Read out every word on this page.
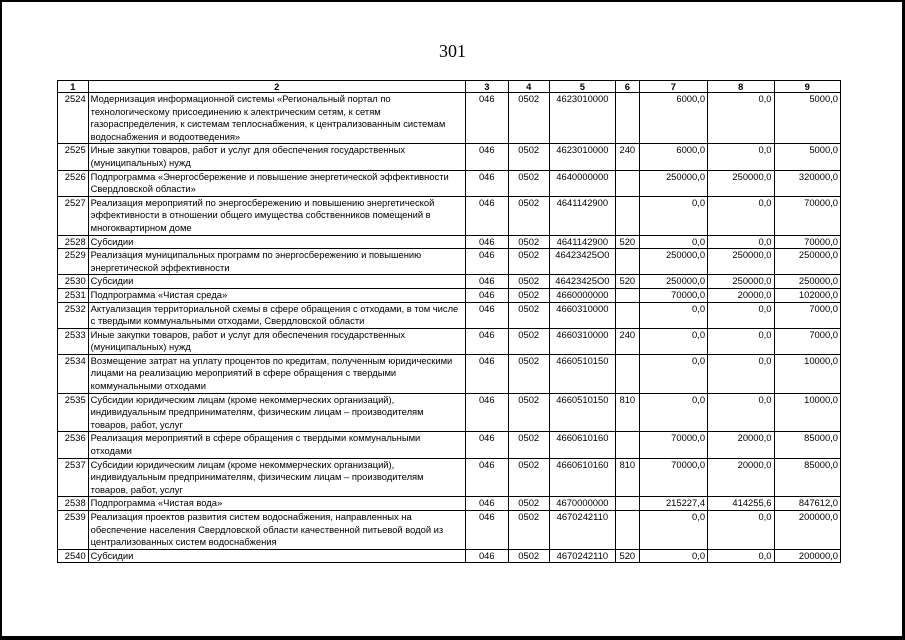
301
1	2	3	4	5	6	7	8	9
2524	Модернизация информационной системы «Региональный портал по технологическому присоединению к электрическим сетям, к сетям газораспределения, к системам теплоснабжения, к централизованным системам водоснабжения и водоотведения»	046	0502	4623010000		6000,0	0,0	5000,0
2525	Иные закупки товаров, работ и услуг для обеспечения государственных (муниципальных) нужд	046	0502	4623010000	240	6000,0	0,0	5000,0
2526	Подпрограмма «Энергосбережение и повышение энергетической эффективности Свердловской области»	046	0502	4640000000		250000,0	250000,0	320000,0
2527	Реализация мероприятий по энергосбережению и повышению энергетической эффективности в отношении общего имущества собственников помещений в многоквартирном доме	046	0502	4641142900		0,0	0,0	70000,0
2528	Субсидии	046	0502	4641142900	520	0,0	0,0	70000,0
2529	Реализация муниципальных программ по энергосбережению и повышению энергетической эффективности	046	0502	46423425О0		250000,0	250000,0	250000,0
2530	Субсидии	046	0502	46423425О0	520	250000,0	250000,0	250000,0
2531	Подпрограмма «Чистая среда»	046	0502	4660000000		70000,0	20000,0	102000,0
2532	Актуализация территориальной схемы в сфере обращения с отходами, в том числе с твердыми коммунальными отходами, Свердловской области	046	0502	4660310000		0,0	0,0	7000,0
2533	Иные закупки товаров, работ и услуг для обеспечения государственных (муниципальных) нужд	046	0502	4660310000	240	0,0	0,0	7000,0
2534	Возмещение затрат на уплату процентов по кредитам, полученным юридическими лицами на реализацию мероприятий в сфере обращения с твердыми коммунальными отходами	046	0502	4660510150		0,0	0,0	10000,0
2535	Субсидии юридическим лицам (кроме некоммерческих организаций), индивидуальным предпринимателям, физическим лицам – производителям товаров, работ, услуг	046	0502	4660510150	810	0,0	0,0	10000,0
2536	Реализация мероприятий в сфере обращения с твердыми коммунальными отходами	046	0502	4660610160		70000,0	20000,0	85000,0
2537	Субсидии юридическим лицам (кроме некоммерческих организаций), индивидуальным предпринимателям, физическим лицам – производителям товаров, работ, услуг	046	0502	4660610160	810	70000,0	20000,0	85000,0
2538	Подпрограмма «Чистая вода»	046	0502	4670000000		215227,4	414255,6	847612,0
2539	Реализация проектов развития систем водоснабжения, направленных на обеспечение населения Свердловской области качественной питьевой водой из централизованных систем водоснабжения	046	0502	4670242110		0,0	0,0	200000,0
2540	Субсидии	046	0502	4670242110	520	0,0	0,0	200000,0
